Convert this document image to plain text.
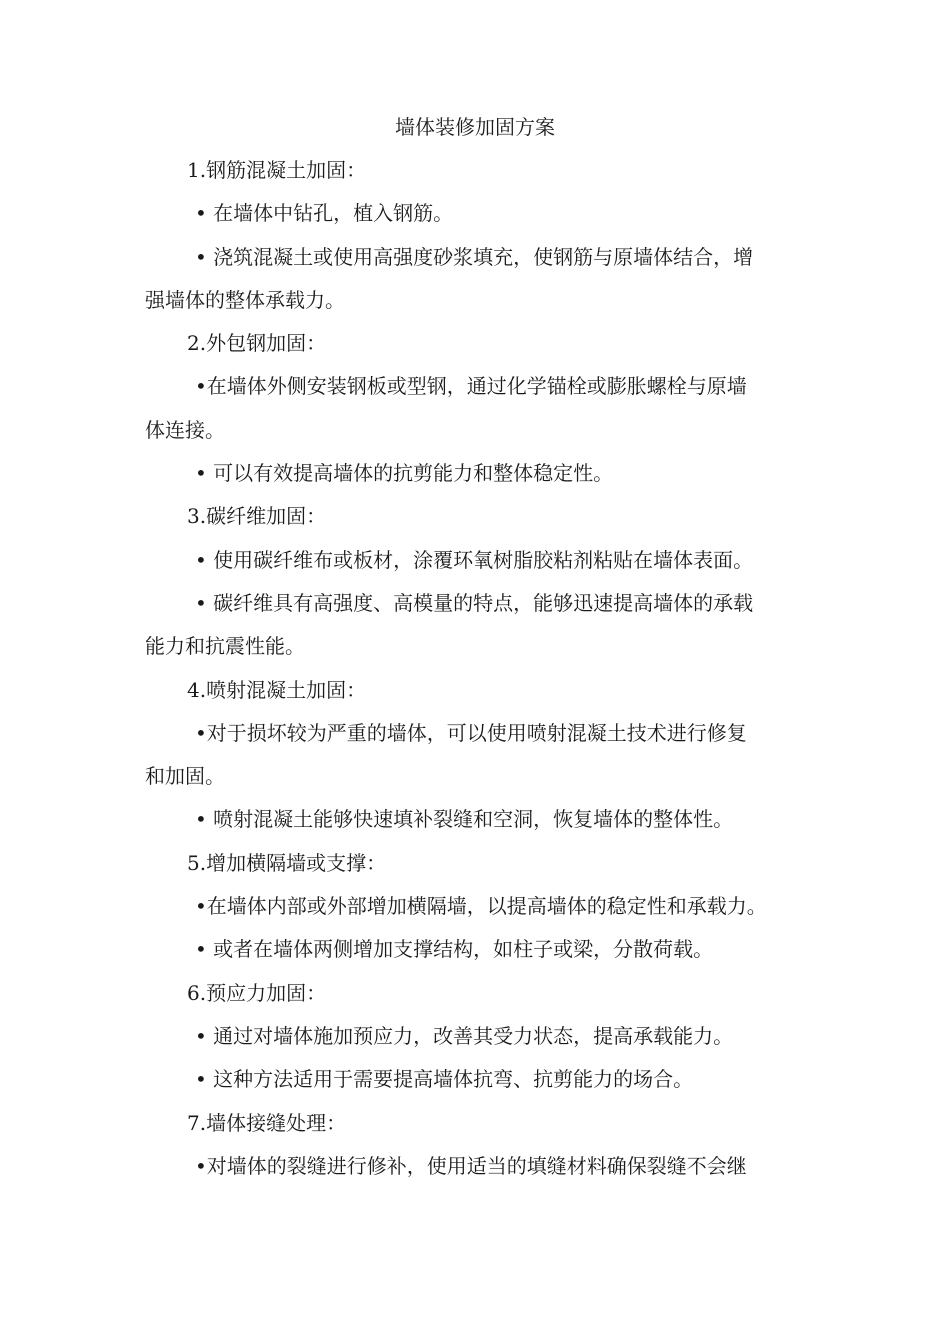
墙体装修加固方案
1.钢筋混凝土加固：
• 在墙体中钻孔，植入钢筋。
• 浇筑混凝土或使用高强度砂浆填充，使钢筋与原墙体结合，增
强墙体的整体承载力。
2.外包钢加固：
•在墙体外侧安装钢板或型钢，通过化学锚栓或膨胀螺栓与原墙
体连接。
• 可以有效提高墙体的抗剪能力和整体稳定性。
3.碳纤维加固：
• 使用碳纤维布或板材，涂覆环氧树脂胶粘剂粘贴在墙体表面。
• 碳纤维具有高强度、高模量的特点，能够迅速提高墙体的承载
能力和抗震性能。
4.喷射混凝土加固：
•对于损坏较为严重的墙体，可以使用喷射混凝土技术进行修复
和加固。
• 喷射混凝土能够快速填补裂缝和空洞，恢复墙体的整体性。
5.增加横隔墙或支撑：
•在墙体内部或外部增加横隔墙，以提高墙体的稳定性和承载力。
• 或者在墙体两侧增加支撑结构，如柱子或梁，分散荷载。
6.预应力加固：
• 通过对墙体施加预应力，改善其受力状态，提高承载能力。
• 这种方法适用于需要提高墙体抗弯、抗剪能力的场合。
7.墙体接缝处理：
•对墙体的裂缝进行修补，使用适当的填缝材料确保裂缝不会继
